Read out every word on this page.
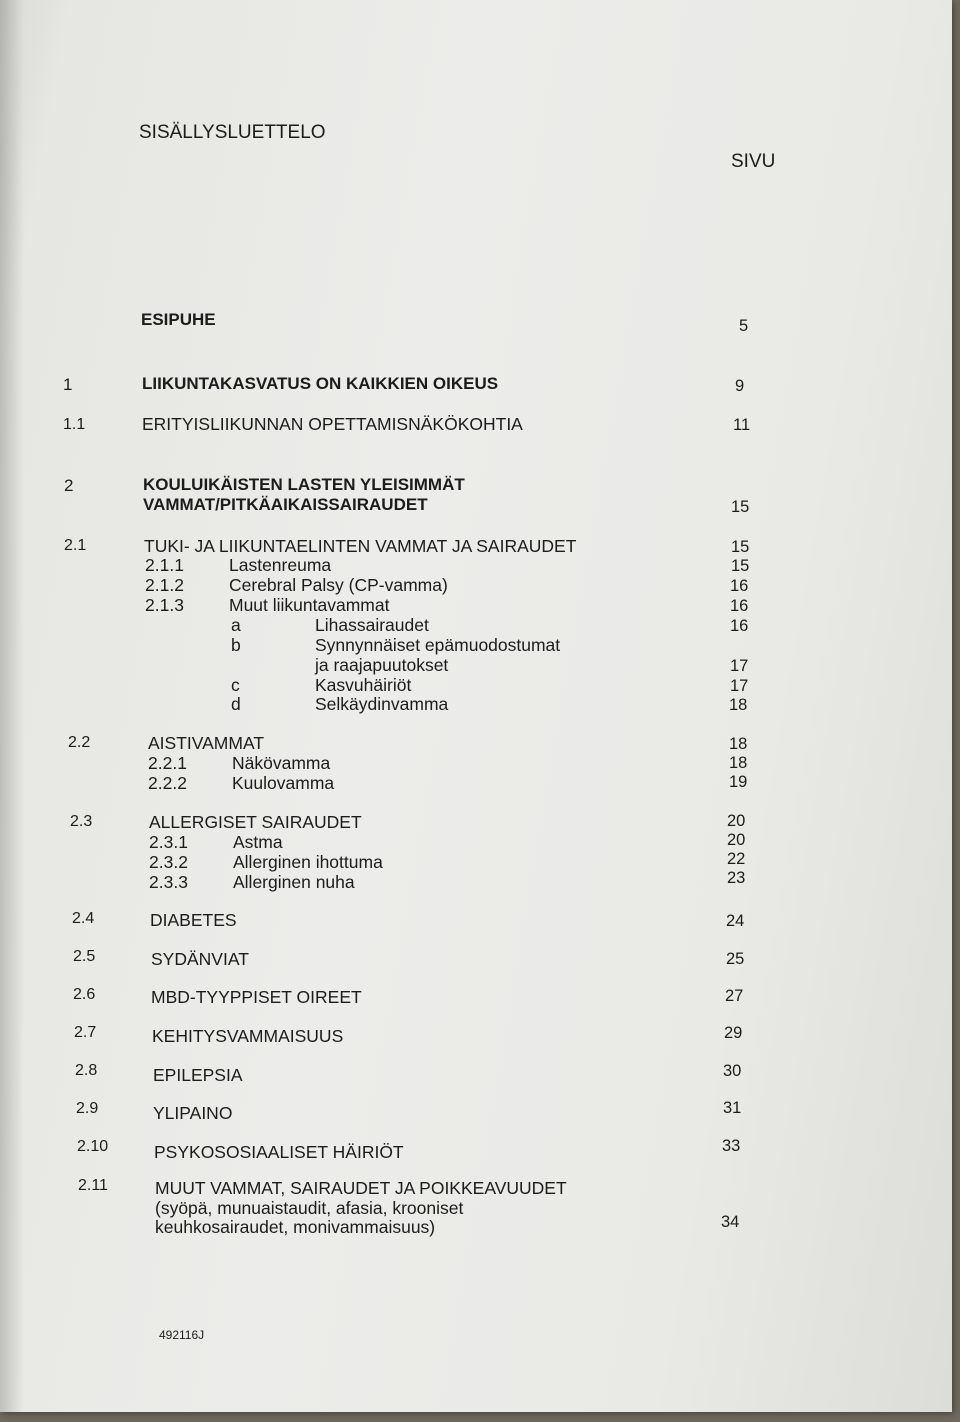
SISÄLLYSLUETTELO
SIVU
ESIPUHE	5
1	LIIKUNTAKASVATUS ON KAIKKIEN OIKEUS	9
1.1	ERITYISLIIKUNNAN OPETTAMISNÄKÖKOHTIA	11
2	KOULUIKÄISTEN LASTEN YLEISIMMÄT
VAMMAT/PITKÄAIKAISSAIRAUDET	15
2.1	TUKI- JA LIIKUNTAELINTEN VAMMAT JA SAIRAUDET	15
2.1.1	Lastenreuma	15
2.1.2	Cerebral Palsy (CP-vamma)	16
2.1.3	Muut liikuntavammat	16
a	Lihassairaudet	16
b	Synnynnäiset epämuodostumat
ja raajapuutokset	17
c	Kasvuhäiriöt	17
d	Selkäydinvamma	18
2.2	AISTIVAMMAT	18
2.2.1	Näkövamma	18
2.2.2	Kuulovamma	19
2.3	ALLERGISET SAIRAUDET	20
2.3.1	Astma	20
2.3.2	Allerginen ihottuma	22
2.3.3	Allerginen nuha	23
2.4	DIABETES	24
2.5	SYDÄNVIAT	25
2.6	MBD-TYYPPISET OIREET	27
2.7	KEHITYSVAMMAISUUS	29
2.8	EPILEPSIA	30
2.9	YLIPAINO	31
2.10	PSYKOSOSIAALISET HÄIRIÖT	33
2.11	MUUT VAMMAT, SAIRAUDET JA POIKKEAVUUDET
(syöpä, munuaistaudit, afasia, krooniset
keuhkosairaudet, monivammaisuus)	34
492116J
